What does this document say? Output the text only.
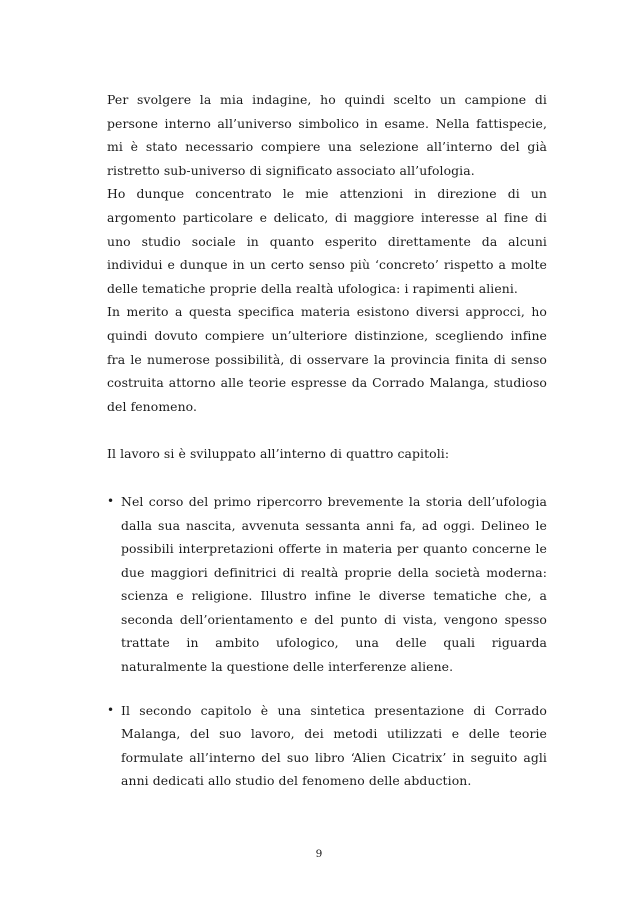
Per svolgere la mia indagine, ho quindi scelto un campione di persone interno all’universo simbolico in esame. Nella fattispecie, mi è stato necessario compiere una selezione all’interno del già ristretto sub-universo di significato associato all’ufologia.

Ho dunque concentrato le mie attenzioni in direzione di un argomento particolare e delicato, di maggiore interesse al fine di uno studio sociale in quanto esperito direttamente da alcuni individui e dunque in un certo senso più ‘concreto’ rispetto a molte delle tematiche proprie della realtà ufologica: i rapimenti alieni.

In merito a questa specifica materia esistono diversi approcci, ho quindi dovuto compiere un’ulteriore distinzione, scegliendo infine fra le numerose possibilità, di osservare la provincia finita di senso costruita attorno alle teorie espresse da Corrado Malanga, studioso del fenomeno.

Il lavoro si è sviluppato all’interno di quattro capitoli:

• Nel corso del primo ripercorro brevemente la storia dell’ufologia dalla sua nascita, avvenuta sessanta anni fa, ad oggi. Delineo le possibili interpretazioni offerte in materia per quanto concerne le due maggiori definitrici di realtà proprie della società moderna: scienza e religione. Illustro infine le diverse tematiche che, a seconda dell’orientamento e del punto di vista, vengono spesso trattate in ambito ufologico, una delle quali riguarda naturalmente la questione delle interferenze aliene.
• Il secondo capitolo è una sintetica presentazione di Corrado Malanga, del suo lavoro, dei metodi utilizzati e delle teorie formulate all’interno del suo libro ‘Alien Cicatrix’ in seguito agli anni dedicati allo studio del fenomeno delle abduction.
9
